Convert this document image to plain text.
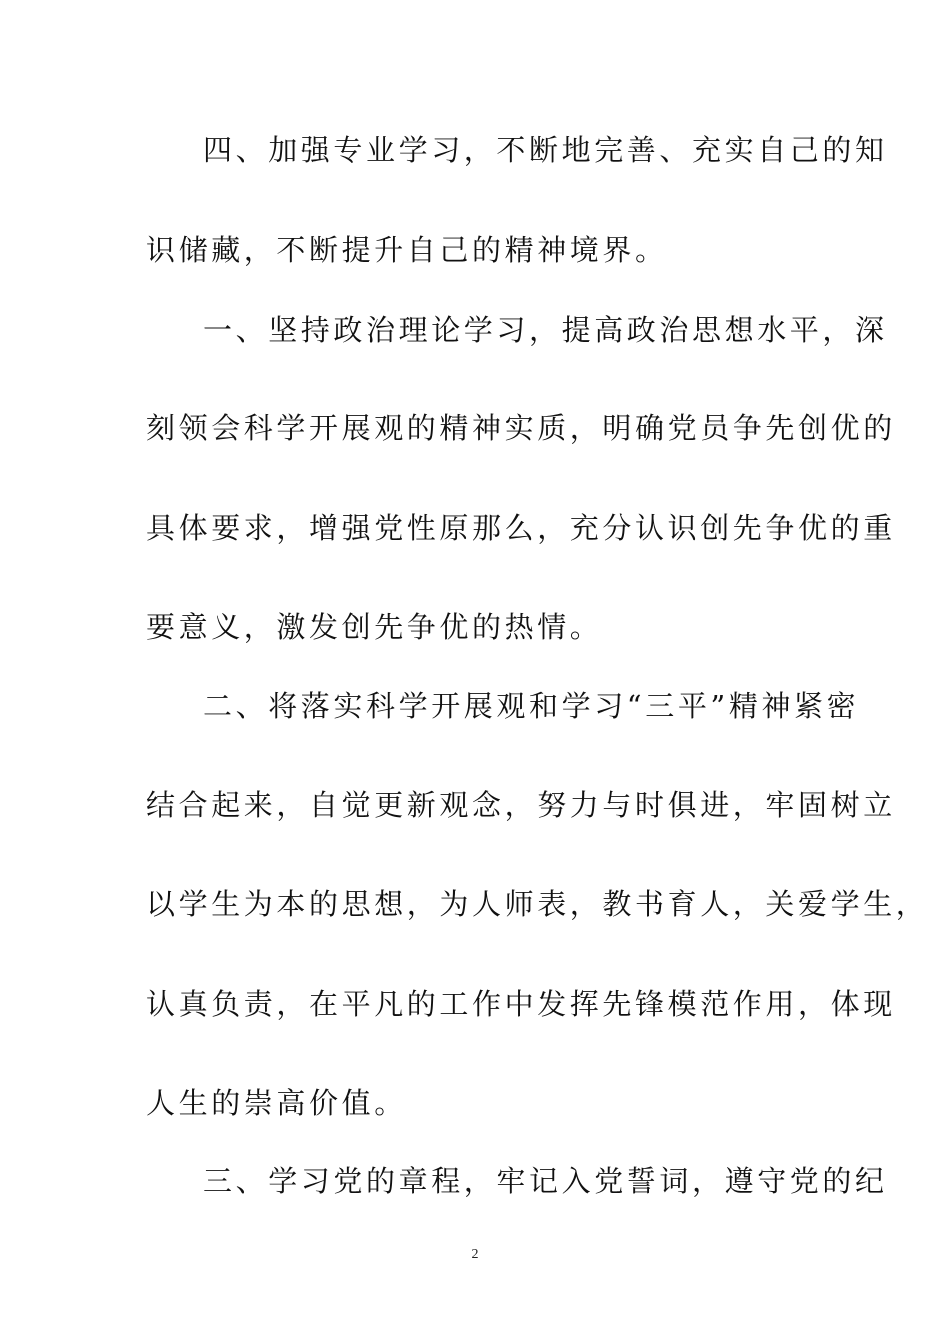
四、加强专业学习，不断地完善、充实自己的知
识储藏，不断提升自己的精神境界。
一、坚持政治理论学习，提高政治思想水平，深
刻领会科学开展观的精神实质，明确党员争先创优的
具体要求，增强党性原那么，充分认识创先争优的重
要意义，激发创先争优的热情。
二、将落实科学开展观和学习“三平”精神紧密
结合起来，自觉更新观念，努力与时俱进，牢固树立
以学生为本的思想，为人师表，教书育人，关爱学生，
认真负责，在平凡的工作中发挥先锋模范作用，体现
人生的崇高价值。
三、学习党的章程，牢记入党誓词，遵守党的纪
2
